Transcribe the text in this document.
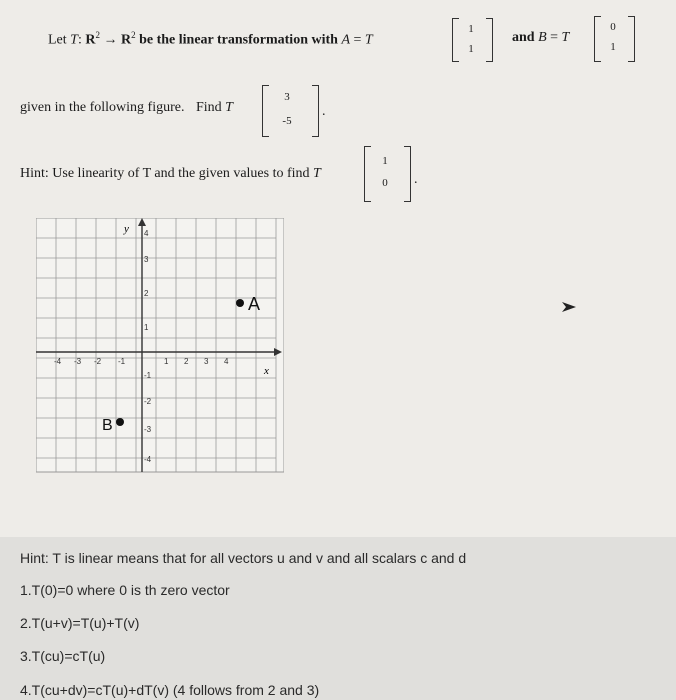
Let T: $R^2 \to R^2$ be the linear transformation with A = T
1
1
and B = T
0
1
given in the following figure. Find T
3
-5
.
Hint: Use linearity of T and the given values to find T
1
0	.
y
x
-4 -3 -2 -1	1 2 3 4
4
3
2
1
-1
-2
-3
-4
A
B
Hint: T is linear means that for all vectors u and v and all scalars c and d
1.T(0)=0 where 0 is th zero vector
2.T(u+v)=T(u)+T(v)
3.T(cu)=cT(u)
4.T(cu+dv)=cT(u)+dT(v) (4 follows from 2 and 3)
